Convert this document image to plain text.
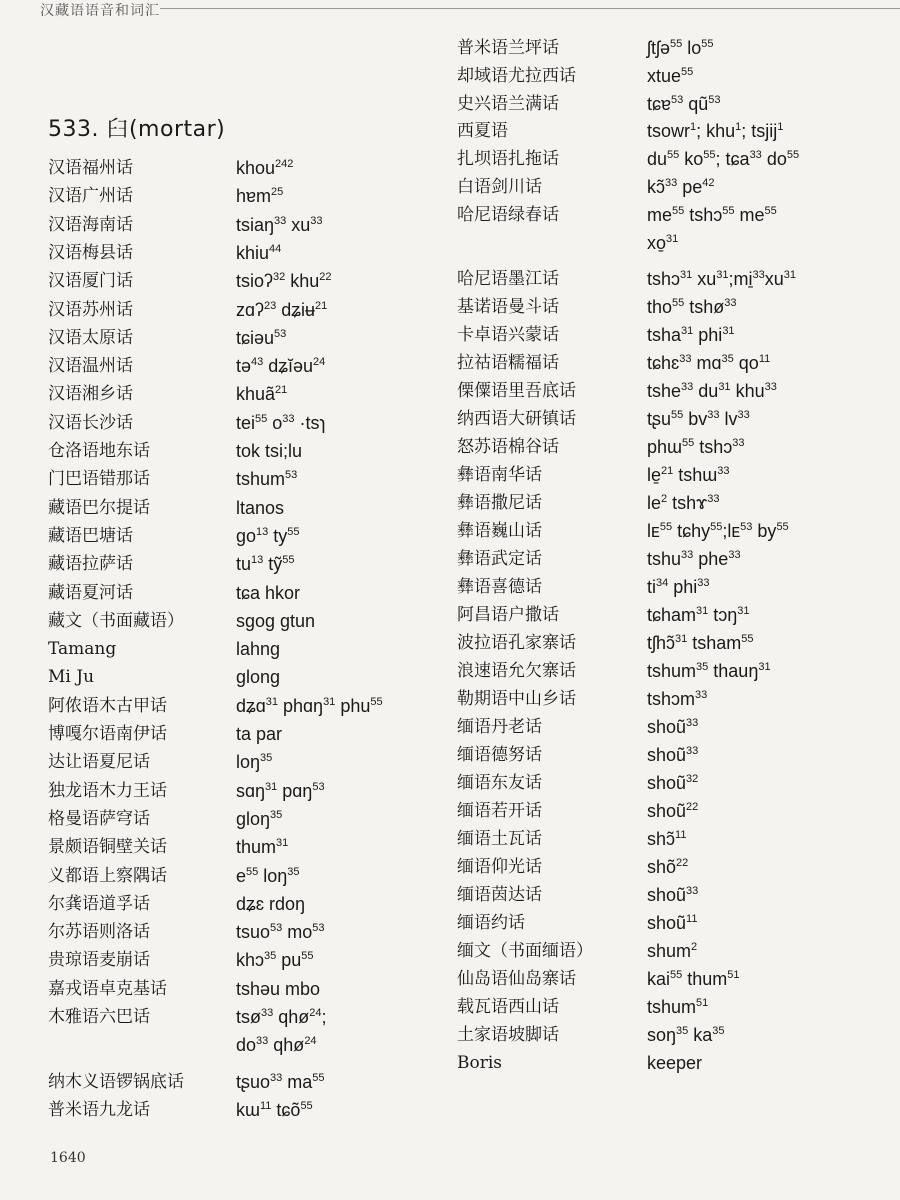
汉藏语语音和词汇
533. 臼(mortar)
汉语福州话	khou$^{242}$
汉语广州话	hɐm$^{25}$
汉语海南话	tsiaŋ$^{33}$ $xu^{33}$
汉语梅县话	khiu$^{44}$
汉语厦门话	tsioʔ$^{32}$ khu$^{22}$
汉语苏州话	zɑʔ$^{23}$ dʑiʉ$^{21}$
汉语太原话	tɕiəu$^{53}$
汉语温州话	tə$^{43}$ dʑĭəu$^{24}$
汉语湘乡话	khuã$^{21}$
汉语长沙话	tei$^{55}$ $o^{33}$ ·tsɿ
仓洛语地东话	tok tsi;lu
门巴语错那话	tshum$^{53}$
藏语巴尔提话	ltanos
藏语巴塘话	$go^{13}$ $ty^{55}$
藏语拉萨话	$tu^{13}$ tỹ$^{55}$
藏语夏河话	tɕa hkor
藏文（书面藏语）	sgog gtun
Tamang	lahng
Mi Ju	glong
阿侬语木古甲话	dʑɑ$^{31}$ phɑŋ$^{31}$ phu$^{55}$
博嘎尔语南伊话	ta par
达让语夏尼话	loŋ$^{35}$
独龙语木力王话	sɑŋ$^{31}$ pɑŋ$^{53}$
格曼语萨穹话	gloŋ$^{35}$
景颇语铜壁关话	thum$^{31}$
义都语上察隅话	$e^{55}$ loŋ$^{35}$
尔龚语道孚话	dʑɛ rdoŋ
尔苏语则洛话	tsuo$^{53}$ $mo^{53}$
贵琼语麦崩话	khɔ$^{35}$ $pu^{55}$
嘉戎语卓克基话	tshəu mbo
木雅语六巴话	tsø$^{33}$ qhø$^{24}$;
$do^{33}$ qhø$^{24}$
纳木义语锣锅底话	tʂuo$^{33}$ $ma^{55}$
普米语九龙话	kɯ$^{11}$ tɕõ$^{55}$
普米语兰坪话	ʃtʃə$^{55}$ $lo^{55}$
却域语尤拉西话	xtue$^{55}$
史兴语兰满话	tɕɐ$^{53}$ $qũ^{53}$
西夏语	tsowr$^1$; khu$^1$; tsjij$^1$
扎坝语扎拖话	$du^{55}$ $ko^{55}$; tɕa$^{33}$ $do^{55}$
白语剑川话	kɔ̃$^{33}$ $pe^{42}$
哈尼语绿春话	$me^{55}$ tshɔ$^{55}$ $me^{55}$
xo̱$^{31}$
哈尼语墨江话	tshɔ$^{31}$ $xu^{31};mi̱^{33}xu^{31}$
基诺语曼斗话	tho$^{55}$ tshø$^{33}$
卡卓语兴蒙话	tsha$^{31}$ phi$^{31}$
拉祜语糯福话	tɕhɛ$^{33}$ mɑ$^{35}$ $qo^{11}$
傈僳语里吾底话	tshe$^{33}$ $du^{31}$ khu$^{33}$
纳西语大研镇话	tʂu$^{55}$ $bv^{33}$ $lv^{33}$
怒苏语棉谷话	phɯ$^{55}$ tshɔ$^{33}$
彝语南华话	le̱$^{21}$ tshɯ$^{33}$
彝语撒尼话	$le^2$ tshɤ$^{33}$
彝语巍山话	lᴇ$^{55}$ tɕhy$^{55}$;lᴇ$^{53}$ $by^{55}$
彝语武定话	tshu$^{33}$ phe$^{33}$
彝语喜德话	$ti^{34}$ phi$^{33}$
阿昌语户撒话	tɕham$^{31}$ tɔŋ$^{31}$
波拉语孔家寨话	tʃhɔ̃$^{31}$ tsham$^{55}$
浪速语允欠寨话	tshum$^{35}$ thauŋ$^{31}$
勒期语中山乡话	tshɔm$^{33}$
缅语丹老话	shoũ$^{33}$
缅语德努话	shoũ$^{33}$
缅语东友话	shoũ$^{32}$
缅语若开话	shoũ$^{22}$
缅语土瓦话	shɔ̃$^{11}$
缅语仰光话	shõ$^{22}$
缅语茵达话	shoũ$^{33}$
缅语约话	shoũ$^{11}$
缅文（书面缅语）	shum$^2$
仙岛语仙岛寨话	kai$^{55}$ thum$^{51}$
载瓦语西山话	tshum$^{51}$
土家语坡脚话	soŋ$^{35}$ $ka^{35}$
Boris	keeper
1640
